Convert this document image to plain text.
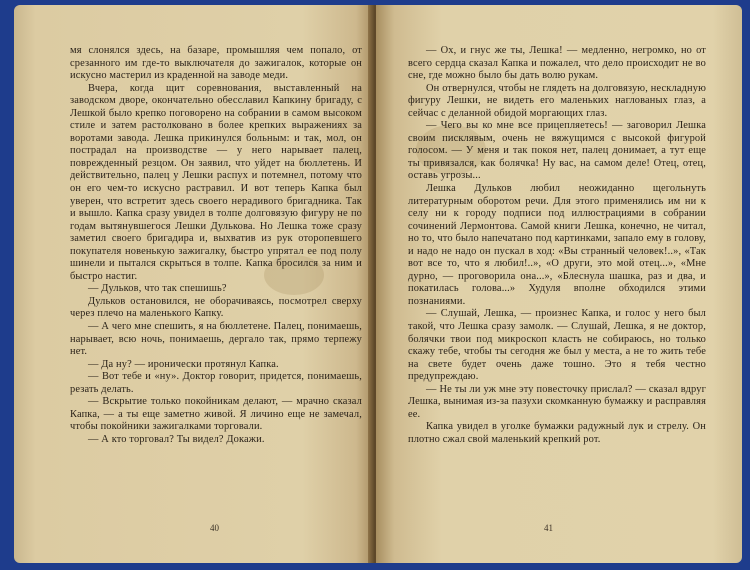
мя слонялся здесь, на базаре, промышляя чем попало, от срезанного им где-то выключателя до зажигалок, которые он искусно мастерил из краденной на заводе меди.

Вчера, когда щит соревнования, выставленный на заводском дворе, окончательно обесславил Капкину бригаду, с Лешкой было крепко поговорено на собрании в самом высоком стиле и затем растолковано в более крепких выражениях за воротами завода. Лешка прикинулся больным: и так, мол, он пострадал на производстве — у него нарывает палец, поврежденный резцом. Он заявил, что уйдет на бюллетень. И действительно, палец у Лешки распух и потемнел, потому что он его чем-то искусно растравил. И вот теперь Капка был уверен, что встретит здесь своего нерадивого бригадника. Так и вышло. Капка сразу увидел в толпе долговязую фигуру не по годам вытянувшегося Лешки Дулькова. Но Лешка тоже сразу заметил своего бригадира и, выхватив из рук оторопевшего покупателя новенькую зажигалку, быстро упрятал ее под полу шинели и пытался скрыться в толпе. Капка бросился за ним и быстро настиг.

— Дульков, что так спешишь?

Дульков остановился, не оборачиваясь, посмотрел сверху через плечо на маленького Капку.

— А чего мне спешить, я на бюллетене. Палец, понимаешь, нарывает, всю ночь, понимаешь, дергало так, прямо терпежу нет.

— Да ну? — иронически протянул Капка.

— Вот тебе и «ну». Доктор говорит, придется, понимаешь, резать делать.

— Вскрытие только покойникам делают, — мрачно сказал Капка, — а ты еще заметно живой. Я личино еще не замечал, чтобы покойники зажигалками торговали.

— А кто торговал? Ты видел? Докажи.

40

— Ох, и гнус же ты, Лешка! — медленно, негромко, но от всего сердца сказал Капка и пожалел, что дело происходит не во сне, где можно было бы дать волю рукам.

Он отвернулся, чтобы не глядеть на долговязую, нескладную фигуру Лешки, не видеть его маленьких наглованых глаз, а сейчас с деланной обидой моргающих глаз.

— Чего вы ко мне все прицепляетесь! — заговорил Лешка своим писклявым, очень не вяжущимся с высокой фигурой голосом. — У меня и так покоя нет, палец донимает, а тут еще ты привязался, как болячка! Ну вас, на самом деле! Отец, отец, оставь угрозы...

Лешка Дульков любил неожиданно щегольнуть литературным оборотом речи. Для этого применялись им ни к селу ни к городу подписи под иллюстрациями в собрании сочинений Лермонтова. Самой книги Лешка, конечно, не читал, но то, что было напечатано под картинками, запало ему в голову, и надо не надо он пускал в ход: «Вы странный человек!..», «Так вот все то, что я любил!..», «О други, это мой отец...», «Мне дурно, — проговорила она...», «Блеснула шашка, раз и два, и покатилась голова...» Худуля вполне обходился этими познаниями.

— Слушай, Лешка, — произнес Капка, и голос у него был такой, что Лешка сразу замолк. — Слушай, Лешка, я не доктор, болячки твои под микроскоп класть не собираюсь, но только скажу тебе, чтобы ты сегодня же был у места, а не то жить тебе на свете будет очень даже тошно. Это я тебя честно предупреждаю.

— Не ты ли уж мне эту повесточку прислал? — сказал вдруг Лешка, вынимая из-за пазухи скомканную бумажку и расправляя ее.

Капка увидел в уголке бумажки радужный лук и стрелу. Он плотно сжал свой маленький крепкий рот.

41
